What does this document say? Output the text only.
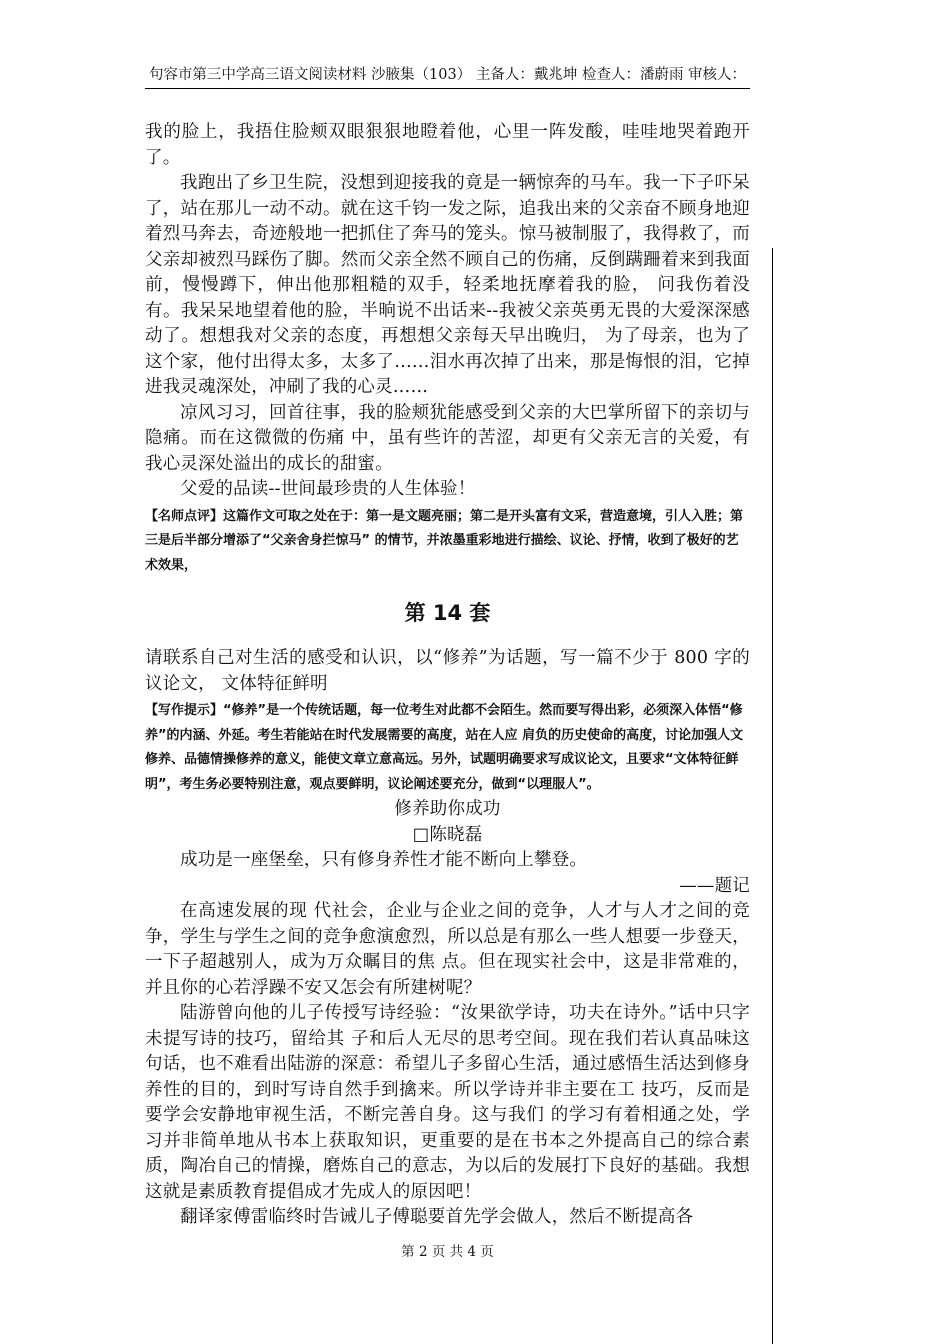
句容市第三中学高三语文阅读材料 沙腋集（103） 主备人：戴兆坤 检查人：潘蔚雨 审核人：

我的脸上，我捂住脸颊双眼狠狠地瞪着他，心里一阵发酸，哇哇地哭着跑开了。

我跑出了乡卫生院，没想到迎接我的竟是一辆惊奔的马车。我一下子吓呆了，站在那儿一动不动。就在这千钧一发之际，追我出来的父亲奋不顾身地迎着烈马奔去，奇迹般地一把抓住了奔马的笼头。惊马被制服了，我得救了，而父亲却被烈马踩伤了脚。然而父亲全然不顾自己的伤痛，反倒蹒跚着来到我面前，慢慢蹲下，伸出他那粗糙的双手，轻柔地抚摩着我的脸， 问我伤着没有。我呆呆地望着他的脸，半晌说不出话来--我被父亲英勇无畏的大爱深深感动了。想想我对父亲的态度，再想想父亲每天早出晚归， 为了母亲，也为了这个家，他付出得太多，太多了……泪水再次掉了出来，那是悔恨的泪，它掉进我灵魂深处，冲刷了我的心灵……

凉风习习，回首往事，我的脸颊犹能感受到父亲的大巴掌所留下的亲切与隐痛。而在这微微的伤痛 中，虽有些许的苦涩，却更有父亲无言的关爱，有我心灵深处溢出的成长的甜蜜。

父爱的品读--世间最珍贵的人生体验！

【名师点评】这篇作文可取之处在于：第一是文题亮丽；第二是开头富有文采，营造意境，引人入胜；第三是后半部分增添了“父亲舍身拦惊马” 的情节，并浓墨重彩地进行描绘、议论、抒情，收到了极好的艺术效果，

第 14 套

请联系自己对生活的感受和认识，以“修养”为话题，写一篇不少于 800 字的议论文， 文体特征鲜明

【写作提示】“修养”是一个传统话题，每一位考生对此都不会陌生。然而要写得出彩，必须深入体悟“修养”的内涵、外延。考生若能站在时代发展需要的高度，站在人应 肩负的历史使命的高度，讨论加强人文修养、品德情操修养的意义，能使文章立意高远。另外，试题明确要求写成议论文，且要求“文体特征鲜明”，考生务必要特别注意，观点要鲜明，议论阐述要充分，做到“以理服人”。

修养助你成功

□陈晓磊

成功是一座堡垒，只有修身养性才能不断向上攀登。

——题记

在高速发展的现 代社会，企业与企业之间的竞争，人才与人才之间的竞争，学生与学生之间的竞争愈演愈烈，所以总是有那么一些人想要一步登天，一下子超越别人，成为万众瞩目的焦 点。但在现实社会中，这是非常难的，并且你的心若浮躁不安又怎会有所建树呢？

陆游曾向他的儿子传授写诗经验：“汝果欲学诗，功夫在诗外。”话中只字未提写诗的技巧，留给其 子和后人无尽的思考空间。现在我们若认真品味这句话，也不难看出陆游的深意：希望儿子多留心生活，通过感悟生活达到修身养性的目的，到时写诗自然手到擒来。所以学诗并非主要在工 技巧，反而是要学会安静地审视生活，不断完善自身。这与我们 的学习有着相通之处，学习并非简单地从书本上获取知识，更重要的是在书本之外提高自己的综合素质，陶冶自己的情操，磨炼自己的意志，为以后的发展打下良好的基础。我想这就是素质教育提倡成才先成人的原因吧！

翻译家傅雷临终时告诫儿子傅聪要首先学会做人，然后不断提高各

第 2 页 共 4 页
